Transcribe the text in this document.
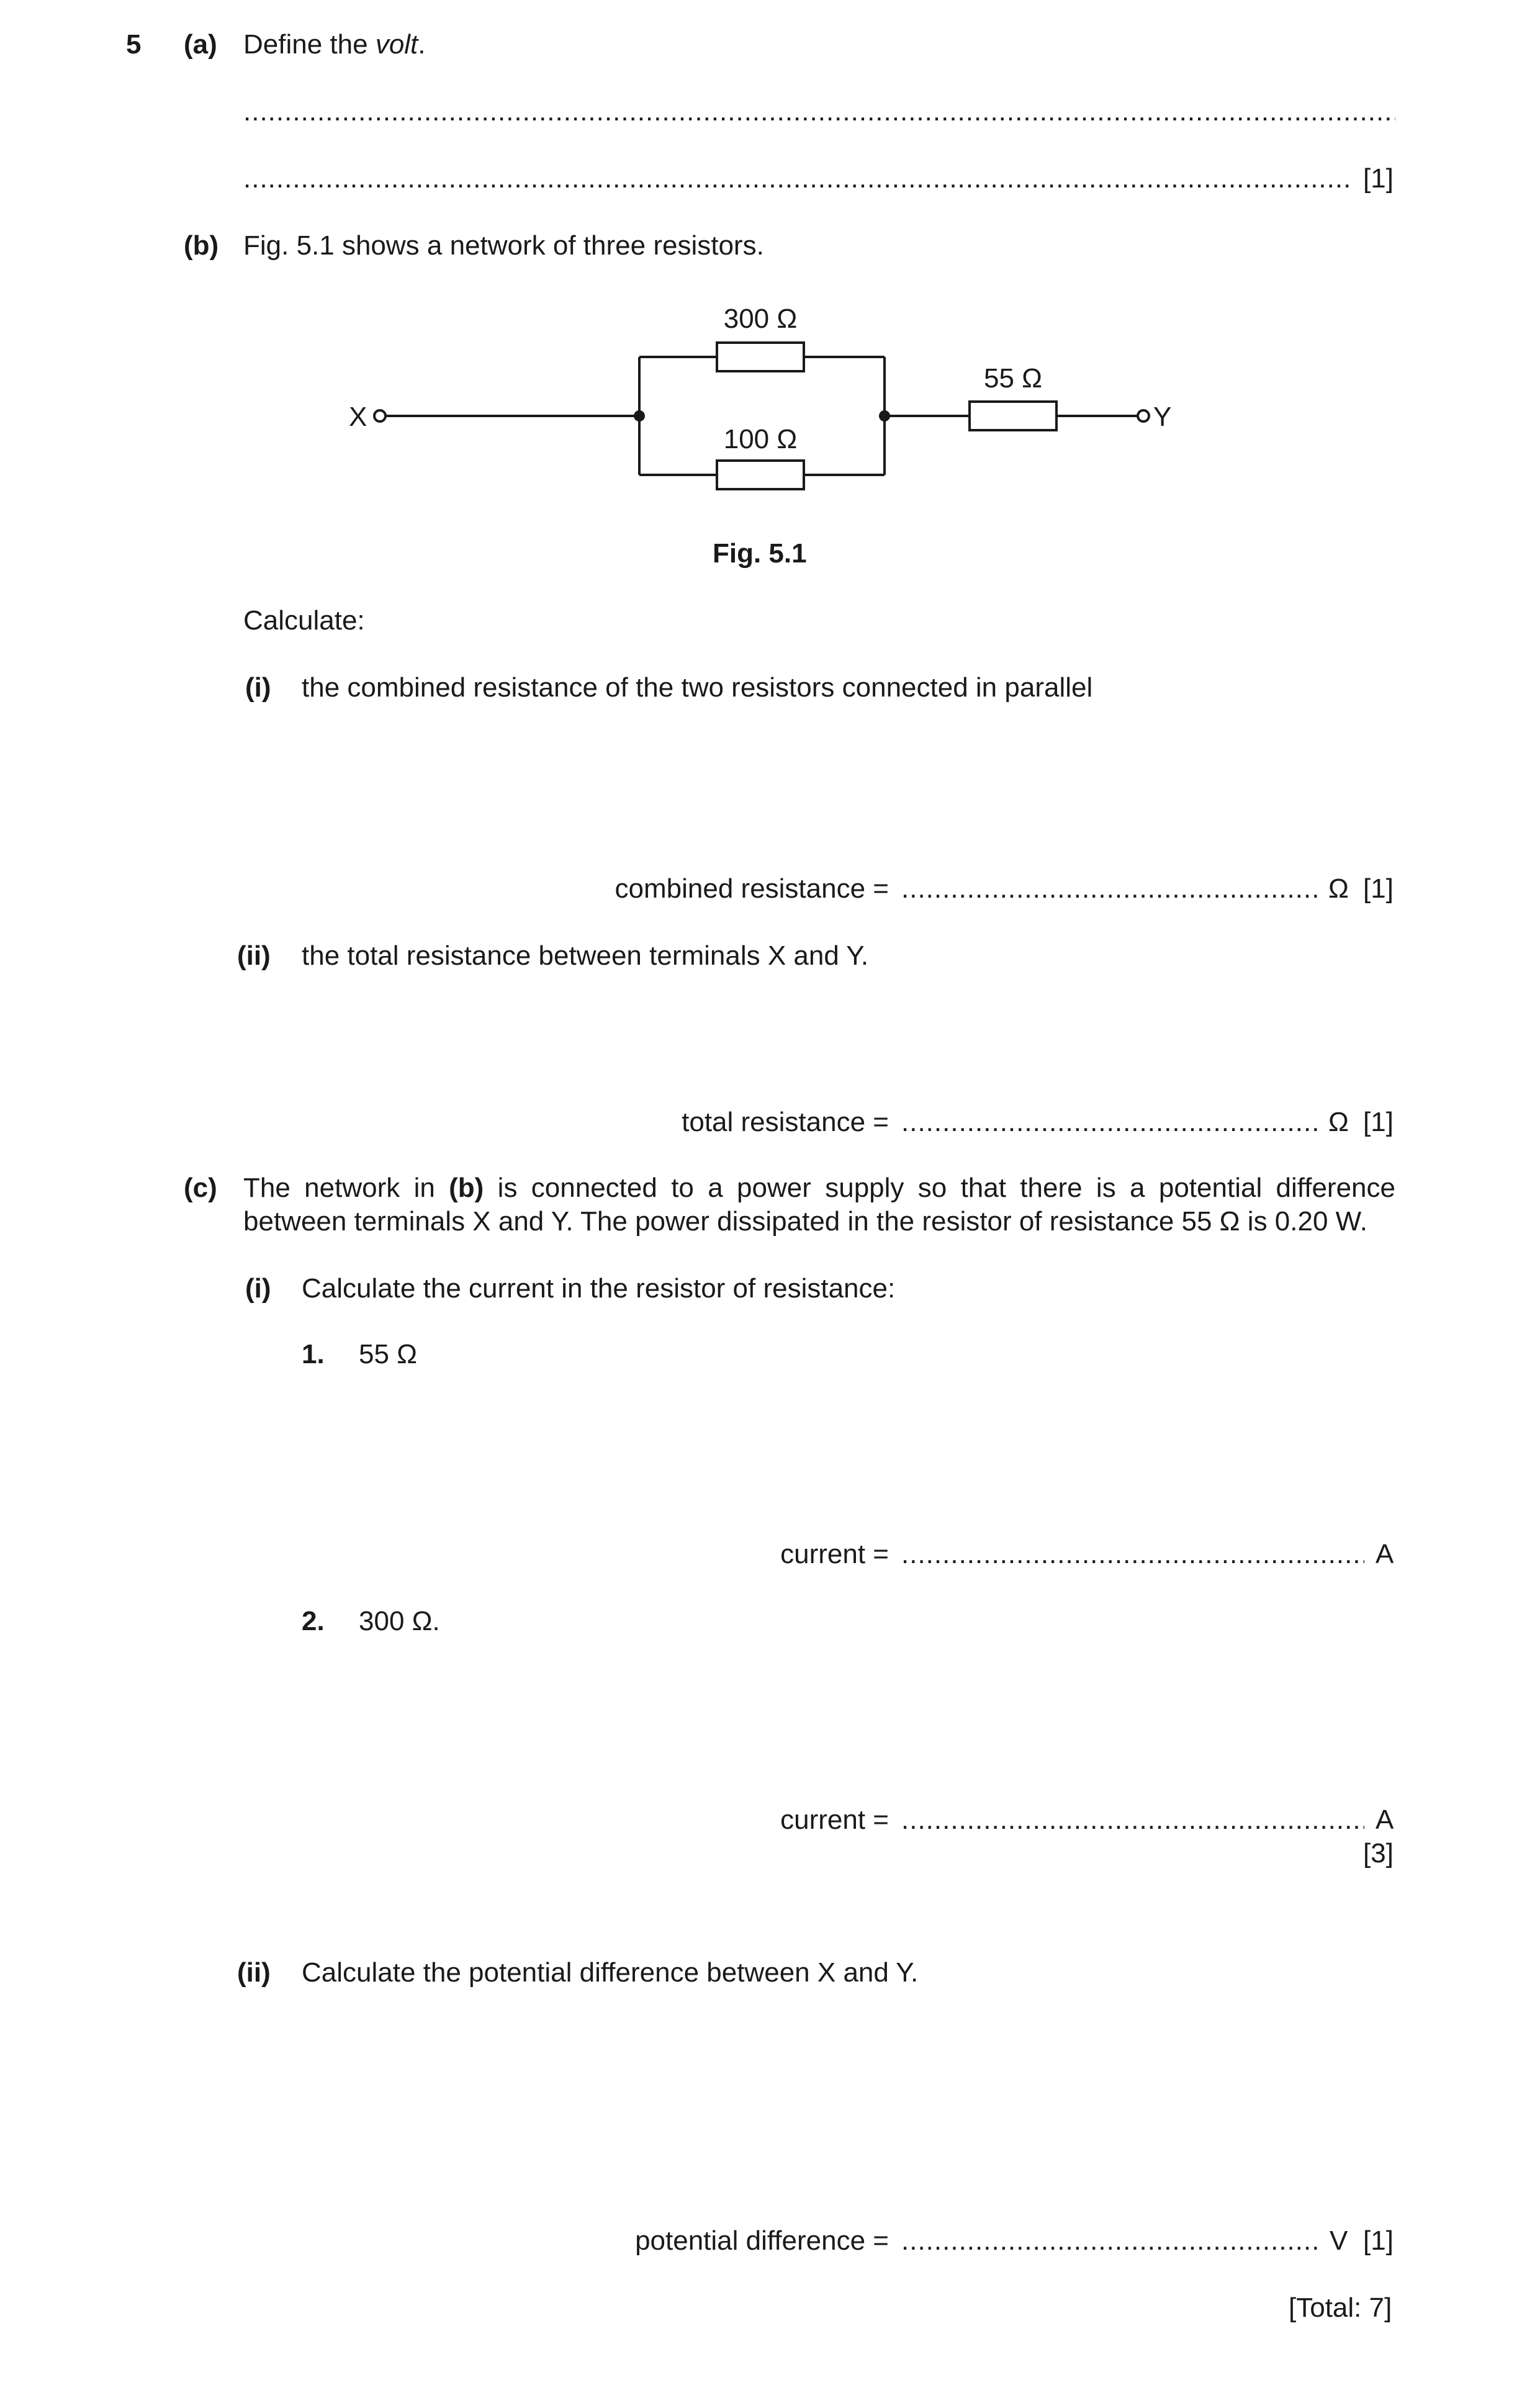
5 (a) Define the volt.
.....
.....
[1]
(b) Fig. 5.1 shows a network of three resistors.
X	Y
300 Ω
100 Ω
55 Ω
Fig. 5.1
Calculate:
(i) the combined resistance of the two resistors connected in parallel
combined resistance = .....	Ω [1]
(ii) the total resistance between terminals X and Y.
total resistance = .....	Ω [1]
(c) The network in (b) is connected to a power supply so that there is a potential difference
between terminals X and Y. The power dissipated in the resistor of resistance 55 Ω is 0.20 W.
(i) Calculate the current in the resistor of resistance:
1. 55 Ω
current = .....	A
2. 300 Ω.
current = .....	A
[3]
(ii) Calculate the potential difference between X and Y.
potential difference = .....	V [1]
[Total: 7]
